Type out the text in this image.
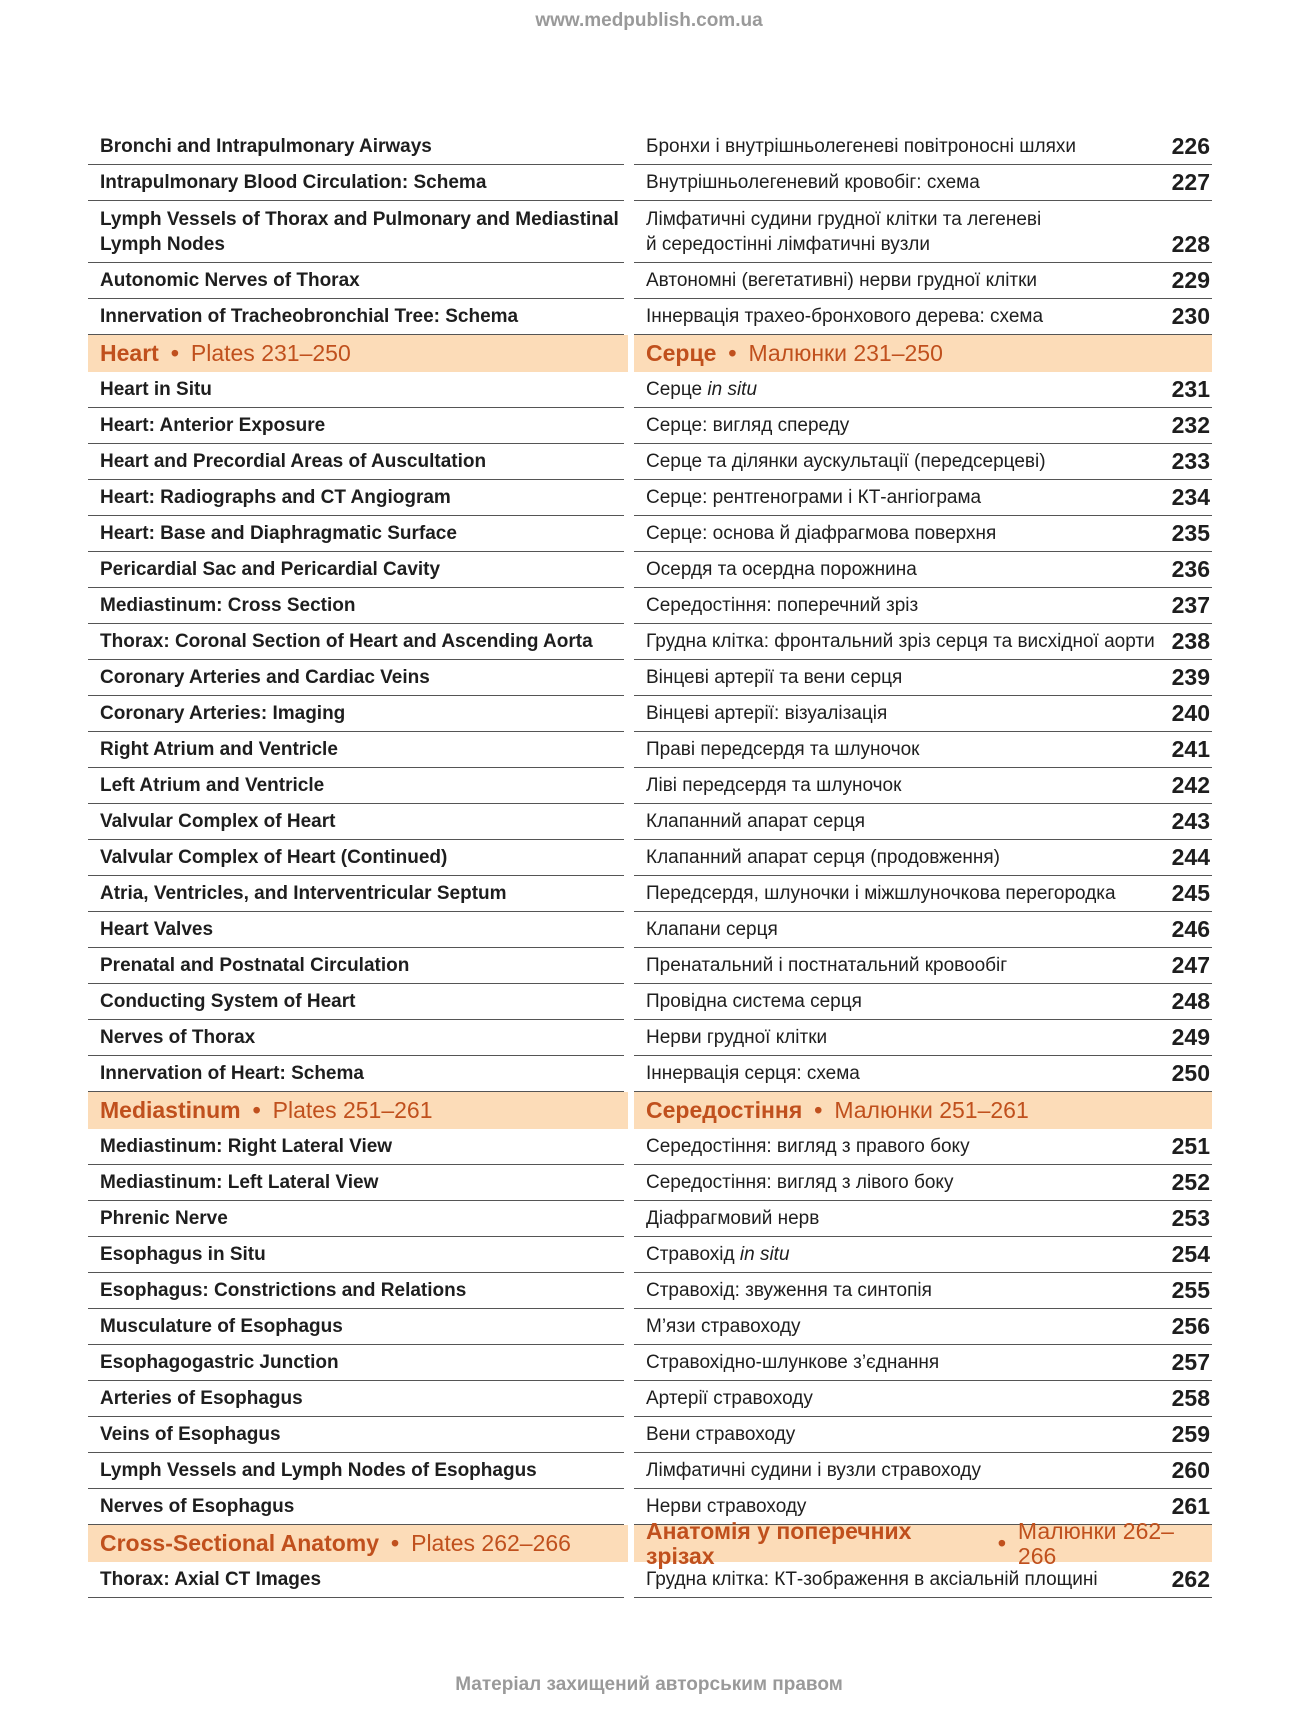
www.medpublish.com.ua
Bronchi and Intrapulmonary Airways	Бронхи і внутрішньолегеневі повітроносні шляхи	226
Intrapulmonary Blood Circulation: Schema	Внутрішньолегеневий кровобіг: схема	227
Lymph Vessels of Thorax and Pulmonary and Mediastinal
Lymph Nodes
Лімфатичні судини грудної клітки та легеневі
й середостінні лімфатичні вузли	228
Autonomic Nerves of Thorax	Автономні (вегетативні) нерви грудної клітки	229
Innervation of Tracheobronchial Tree: Schema	Іннервація трахео-бронхового дерева: схема	230
Heart • Plates 231–250	Серце • Малюнки 231–250
Heart in Situ	Серце in situ	231
Heart: Anterior Exposure	Серце: вигляд спереду	232
Heart and Precordial Areas of Auscultation	Серце та ділянки аускультації (передсерцеві)	233
Heart: Radiographs and CT Angiogram	Серце: рентгенограми і КТ-ангіограма	234
Heart: Base and Diaphragmatic Surface	Серце: основа й діафрагмова поверхня	235
Pericardial Sac and Pericardial Cavity	Осердя та осердна порожнина	236
Mediastinum: Cross Section	Середостіння: поперечний зріз	237
Thorax: Coronal Section of Heart and Ascending Aorta	Грудна клітка: фронтальний зріз серця та висхідної аорти 238
Coronary Arteries and Cardiac Veins	Вінцеві артерії та вени серця	239
Coronary Arteries: Imaging	Вінцеві артерії: візуалізація	240
Right Atrium and Ventricle	Праві передсердя та шлуночок	241
Left Atrium and Ventricle	Ліві передсердя та шлуночок	242
Valvular Complex of Heart	Клапанний апарат серця	243
Valvular Complex of Heart (Continued)	Клапанний апарат серця (продовження)	244
Atria, Ventricles, and Interventricular Septum	Передсердя, шлуночки і міжшлуночкова перегородка 245
Heart Valves	Клапани серця	246
Prenatal and Postnatal Circulation	Пренатальний і постнатальний кровообіг	247
Conducting System of Heart	Провідна система серця	248
Nerves of Thorax	Нерви грудної клітки	249
Innervation of Heart: Schema	Іннервація серця: схема	250
Mediastinum • Plates 251–261	Середостіння • Малюнки 251–261
Mediastinum: Right Lateral View	Середостіння: вигляд з правого боку	251
Mediastinum: Left Lateral View	Середостіння: вигляд з лівого боку	252
Phrenic Nerve	Діафрагмовий нерв	253
Esophagus in Situ	Стравохід in situ	254
Esophagus: Constrictions and Relations	Стравохід: звуження та синтопія	255
Musculature of Esophagus	М’язи стравоходу	256
Esophagogastric Junction	Стравохідно-шлункове з’єднання	257
Arteries of Esophagus	Артерії стравоходу	258
Veins of Esophagus	Вени стравоходу	259
Lymph Vessels and Lymph Nodes of Esophagus	Лімфатичні судини і вузли стравоходу	260
Nerves of Esophagus	Нерви стравоходу	261
Cross-Sectional Anatomy • Plates 262–266	Анатомія у поперечних зрізах	• Малюнки 262–266
Thorax: Axial CT Images	Грудна клітка: КТ-зображення в аксіальній площині	262
Матеріал захищений авторським правом
